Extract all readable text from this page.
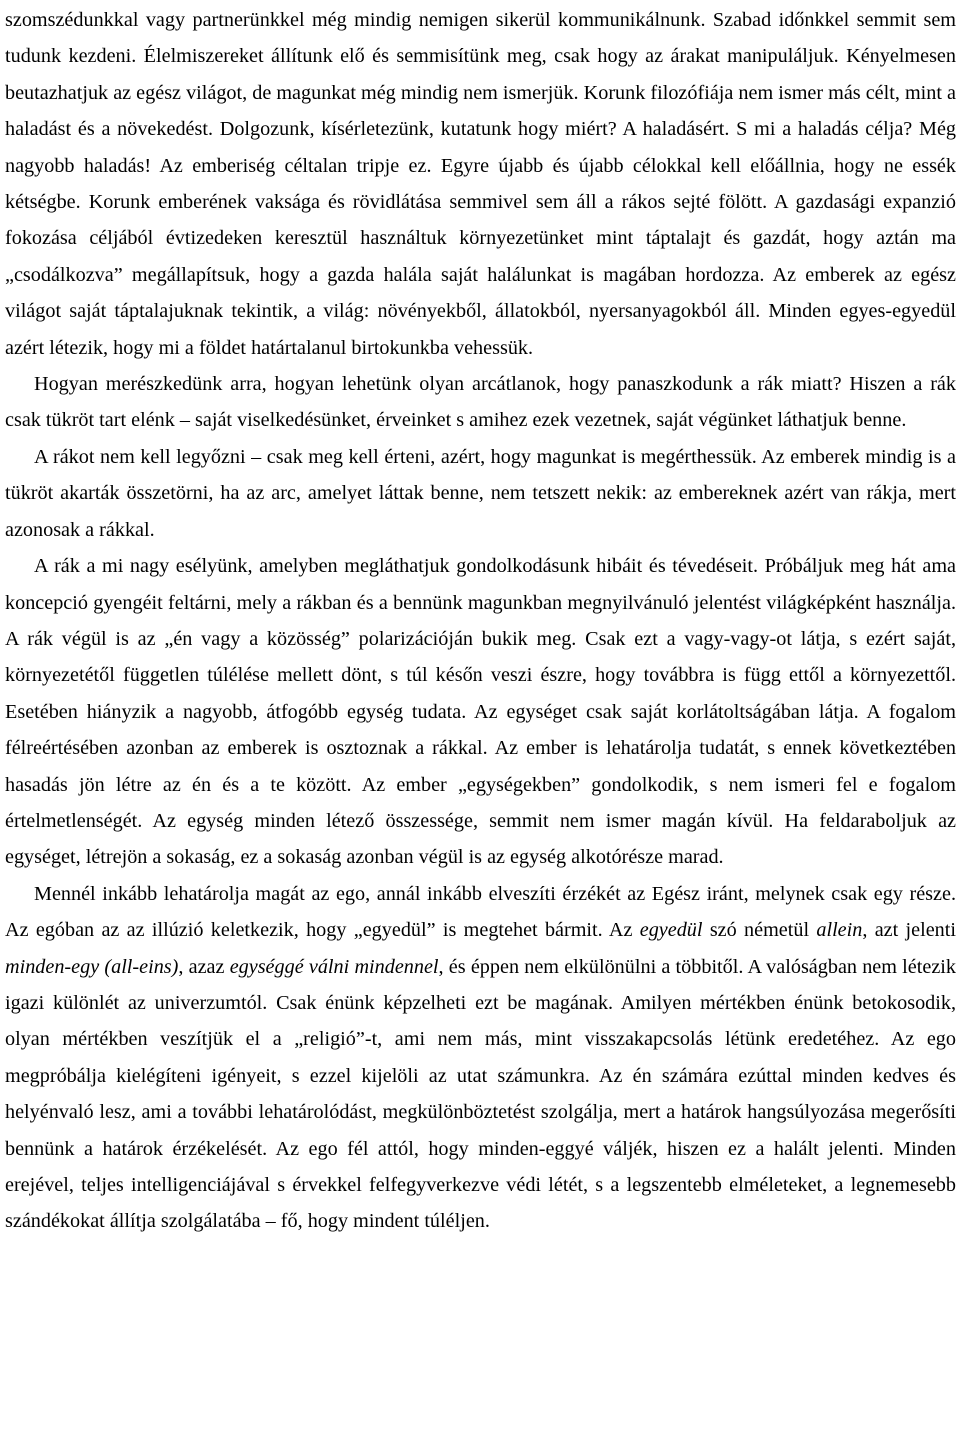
szomszédunkkal vagy partnerünkkel még mindig nemigen sikerül kommunikálnunk. Szabad időnkkel semmit sem tudunk kezdeni. Élelmiszereket állítunk elő és semmisítünk meg, csak hogy az árakat manipuláljuk. Kényelmesen beutazhatjuk az egész világot, de magunkat még mindig nem ismerjük. Korunk filozófiája nem ismer más célt, mint a haladást és a növekedést. Dolgozunk, kísérletezünk, kutatunk hogy miért? A haladásért. S mi a haladás célja? Még nagyobb haladás! Az emberiség céltalan tripje ez. Egyre újabb és újabb célokkal kell előállnia, hogy ne essék kétségbe. Korunk emberének vaksága és rövidlátása semmivel sem áll a rákos sejté fölött. A gazdasági expanzió fokozása céljából évtizedeken keresztül használtuk környezetünket mint táptalajt és gazdát, hogy aztán ma „csodálkozva” megállapítsuk, hogy a gazda halála saját halálunkat is magában hordozza. Az emberek az egész világot saját táptalajuknak tekintik, a világ: növényekből, állatokból, nyersanyagokból áll. Minden egyes-egyedül azért létezik, hogy mi a földet határtalanul birtokunkba vehessük.

Hogyan merészkedünk arra, hogyan lehetünk olyan arcátlanok, hogy panaszkodunk a rák miatt? Hiszen a rák csak tükröt tart elénk – saját viselkedésünket, érveinket s amihez ezek vezetnek, saját végünket láthatjuk benne.

A rákot nem kell legyőzni – csak meg kell érteni, azért, hogy magunkat is megérthessük. Az emberek mindig is a tükröt akarták összetörni, ha az arc, amelyet láttak benne, nem tetszett nekik: az embereknek azért van rákja, mert azonosak a rákkal.

A rák a mi nagy esélyünk, amelyben megláthatjuk gondolkodásunk hibáit és tévedéseit. Próbáljuk meg hát ama koncepció gyengéit feltárni, mely a rákban és a bennünk magunkban megnyilvánuló jelentést világképként használja. A rák végül is az „én vagy a közösség” polarizációján bukik meg. Csak ezt a vagy-vagy-ot látja, s ezért saját, környezetétől független túlélése mellett dönt, s túl későn veszi észre, hogy továbbra is függ ettől a környezettől. Esetében hiányzik a nagyobb, átfogóbb egység tudata. Az egységet csak saját korlátoltságában látja. A fogalom félreértésében azonban az emberek is osztoznak a rákkal. Az ember is lehatárolja tudatát, s ennek következtében hasadás jön létre az én és a te között. Az ember „egységekben” gondolkodik, s nem ismeri fel e fogalom értelmetlenségét. Az egység minden létező összessége, semmit nem ismer magán kívül. Ha feldaraboljuk az egységet, létrejön a sokaság, ez a sokaság azonban végül is az egység alkotórésze marad.

Mennél inkább lehatárolja magát az ego, annál inkább elveszíti érzékét az Egész iránt, melynek csak egy része. Az egóban az az illúzió keletkezik, hogy „egyedül” is megtehet bármit. Az egyedül szó németül allein, azt jelenti minden-egy (all-eins), azaz egységgé válni mindennel, és éppen nem elkülönülni a többitől. A valóságban nem létezik igazi különlét az univerzumtól. Csak énünk képzelheti ezt be magának. Amilyen mértékben énünk betokosodik, olyan mértékben veszítjük el a „religió”-t, ami nem más, mint visszakapcsolás létünk eredetéhez. Az ego megpróbálja kielégíteni igényeit, s ezzel kijelöli az utat számunkra. Az én számára ezúttal minden kedves és helyénvaló lesz, ami a további lehatárolódást, megkülönböztetést szolgálja, mert a határok hangsúlyozása megerősíti bennünk a határok érzékelését. Az ego fél attól, hogy minden-eggyé váljék, hiszen ez a halált jelenti. Minden erejével, teljes intelligenciájával s érvekkel felfegyverkezve védi létét, s a legszentebb elméleteket, a legnemesebb szándékokat állítja szolgálatába – fő, hogy mindent túléljen.
